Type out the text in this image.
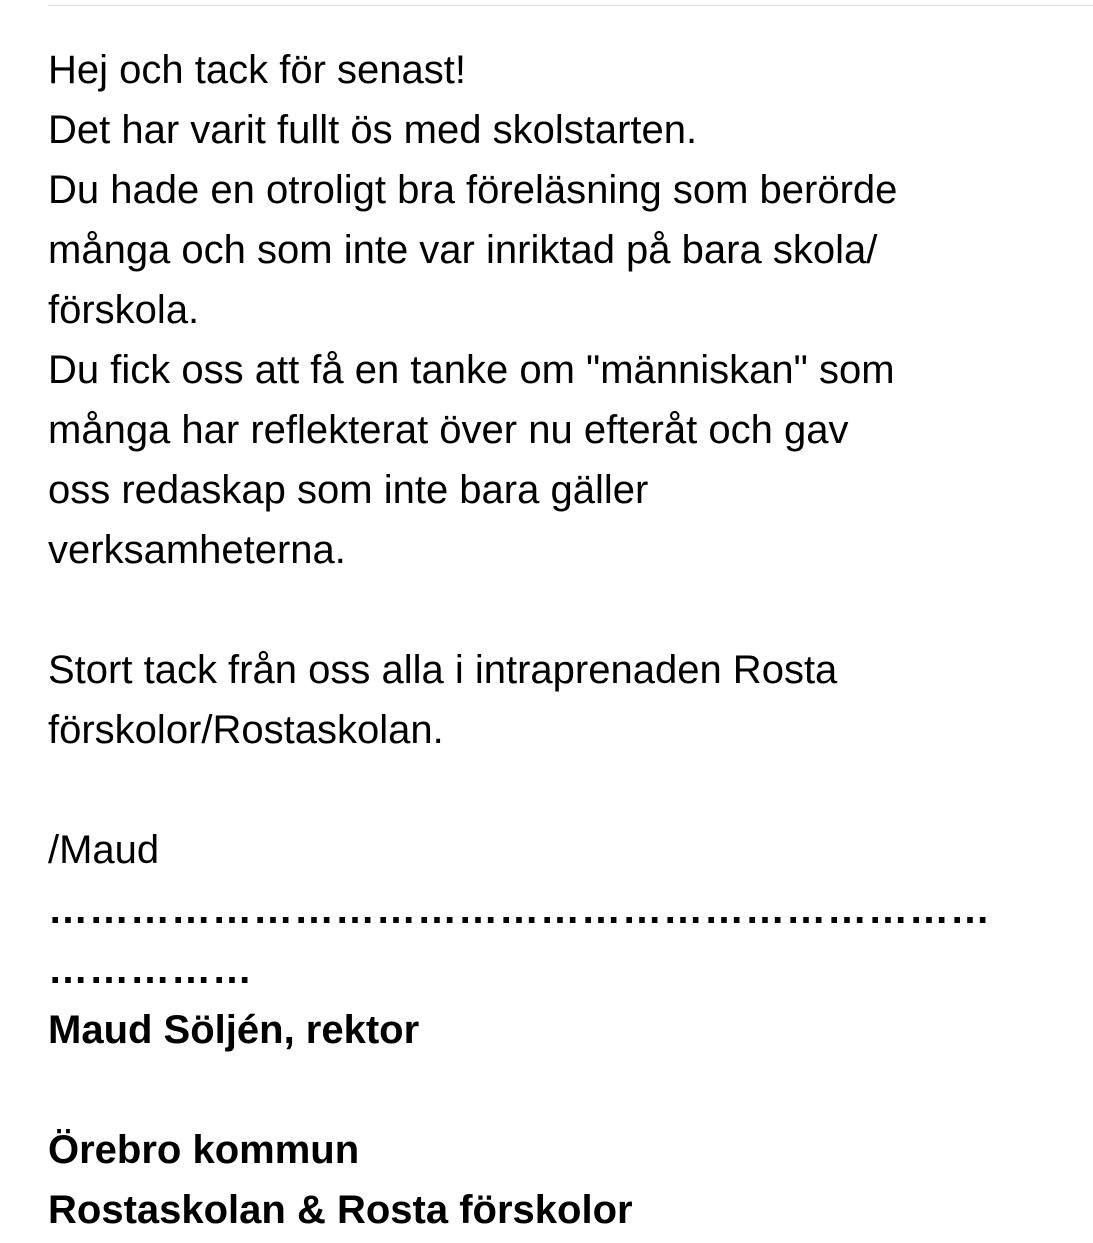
Hej och tack för senast!
Det har varit fullt ös med skolstarten.
Du hade en otroligt bra föreläsning som berörde
många och som inte var inriktad på bara skola/
förskola.
Du fick oss att få en tanke om "människan" som
många har reflekterat över nu efteråt och gav
oss redaskap som inte bara gäller
verksamheterna.
Stort tack från oss alla i intraprenaden Rosta
förskolor/Rostaskolan.
/Maud
……………………………………………………………
……………
Maud Söljén, rektor
Örebro kommun
Rostaskolan & Rosta förskolor
